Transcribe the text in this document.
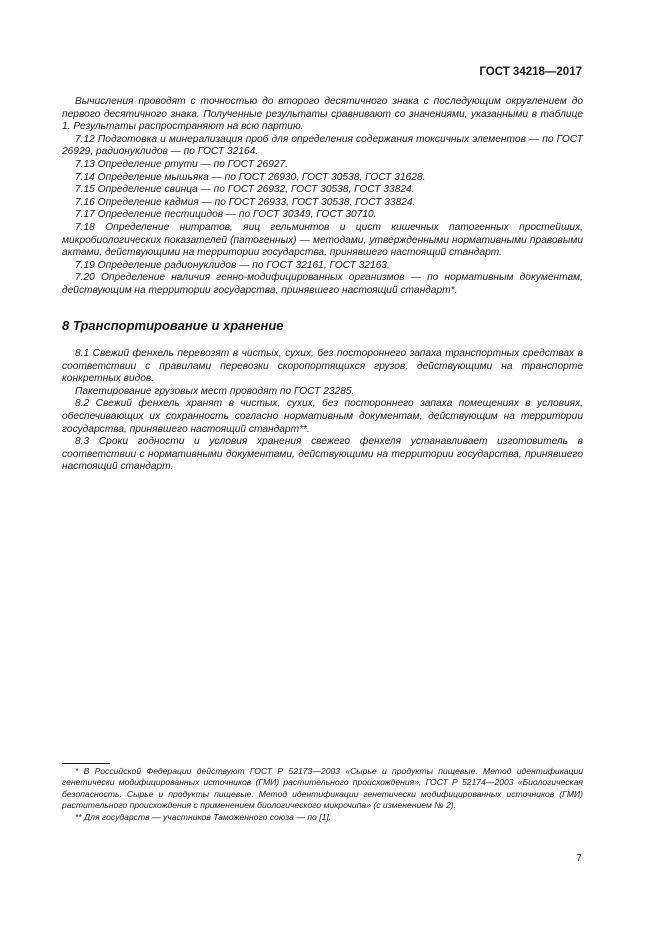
ГОСТ 34218—2017

Вычисления проводят с точностью до второго десятичного знака с последующим округлением до первого десятичного знака. Полученные результаты сравнивают со значениями, указанными в таблице 1. Результаты распространяют на всю партию.

7.12 Подготовка и минерализация проб для определения содержания токсичных элементов — по ГОСТ 26929, радионуклидов — по ГОСТ 32164.

7.13 Определение ртути — по ГОСТ 26927.

7.14 Определение мышьяка — по ГОСТ 26930, ГОСТ 30538, ГОСТ 31628.

7.15 Определение свинца — по ГОСТ 26932, ГОСТ 30538, ГОСТ 33824.

7.16 Определение кадмия — по ГОСТ 26933, ГОСТ 30538, ГОСТ 33824.

7.17 Определение пестицидов — по ГОСТ 30349, ГОСТ 30710.

7.18 Определение нитратов, яиц гельминтов и цист кишечных патогенных простейших, микробиологических показателей (патогенных) — методами, утвержденными нормативными правовыми актами, действующими на территории государства, принявшего настоящий стандарт.

7.19 Определение радионуклидов — по ГОСТ 32161, ГОСТ 32163.

7.20 Определение наличия генно-модифицированных организмов — по нормативным документам, действующим на территории государства, принявшего настоящий стандарт*.

8 Транспортирование и хранение

8.1 Свежий фенхель перевозят в чистых, сухих, без постороннего запаха транспортных средствах в соответствии с правилами перевозки скоропортящихся грузов, действующими на транспорте конкретных видов.

Пакетирование грузовых мест проводят по ГОСТ 23285.

8.2 Свежий фенхель хранят в чистых, сухих, без постороннего запаха помещениях в условиях, обеспечивающих их сохранность согласно нормативным документам, действующим на территории государства, принявшего настоящий стандарт**.

8.3 Сроки годности и условия хранения свежего фенхеля устанавливает изготовитель в соответствии с нормативными документами, действующими на территории государства, принявшего настоящий стандарт.

* В Российской Федерации действуют ГОСТ Р 52173—2003 «Сырье и продукты пищевые. Метод идентификации генетически модифицированных источников (ГМИ) растительного происхождения», ГОСТ Р 52174—2003 «Биологическая безопасность. Сырье и продукты пищевые. Метод идентификации генетически модифицированных источников (ГМИ) растительного происхождения с применением биологического микрочипа» (с изменением № 2).

** Для государств — участников Таможенного союза — по [1].

7
